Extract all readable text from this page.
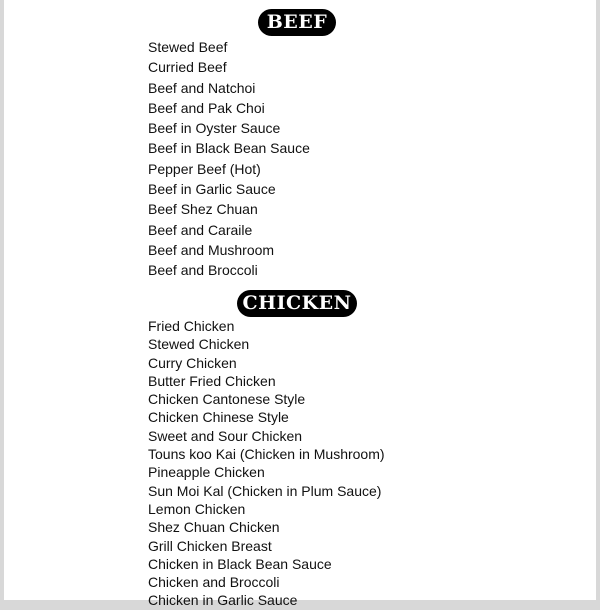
BEEF
Stewed Beef
Curried Beef
Beef and Natchoi
Beef and Pak Choi
Beef in Oyster Sauce
Beef in Black Bean Sauce
Pepper Beef (Hot)
Beef in Garlic Sauce
Beef Shez Chuan
Beef and Caraile
Beef and Mushroom
Beef and Broccoli
CHICKEN
Fried Chicken
Stewed Chicken
Curry Chicken
Butter Fried Chicken
Chicken Cantonese Style
Chicken Chinese Style
Sweet and Sour Chicken
Touns koo Kai (Chicken in Mushroom)
Pineapple Chicken
Sun Moi Kal (Chicken in Plum Sauce)
Lemon Chicken
Shez Chuan Chicken
Grill Chicken Breast
Chicken in Black Bean Sauce
Chicken and Broccoli
Chicken in Garlic Sauce
